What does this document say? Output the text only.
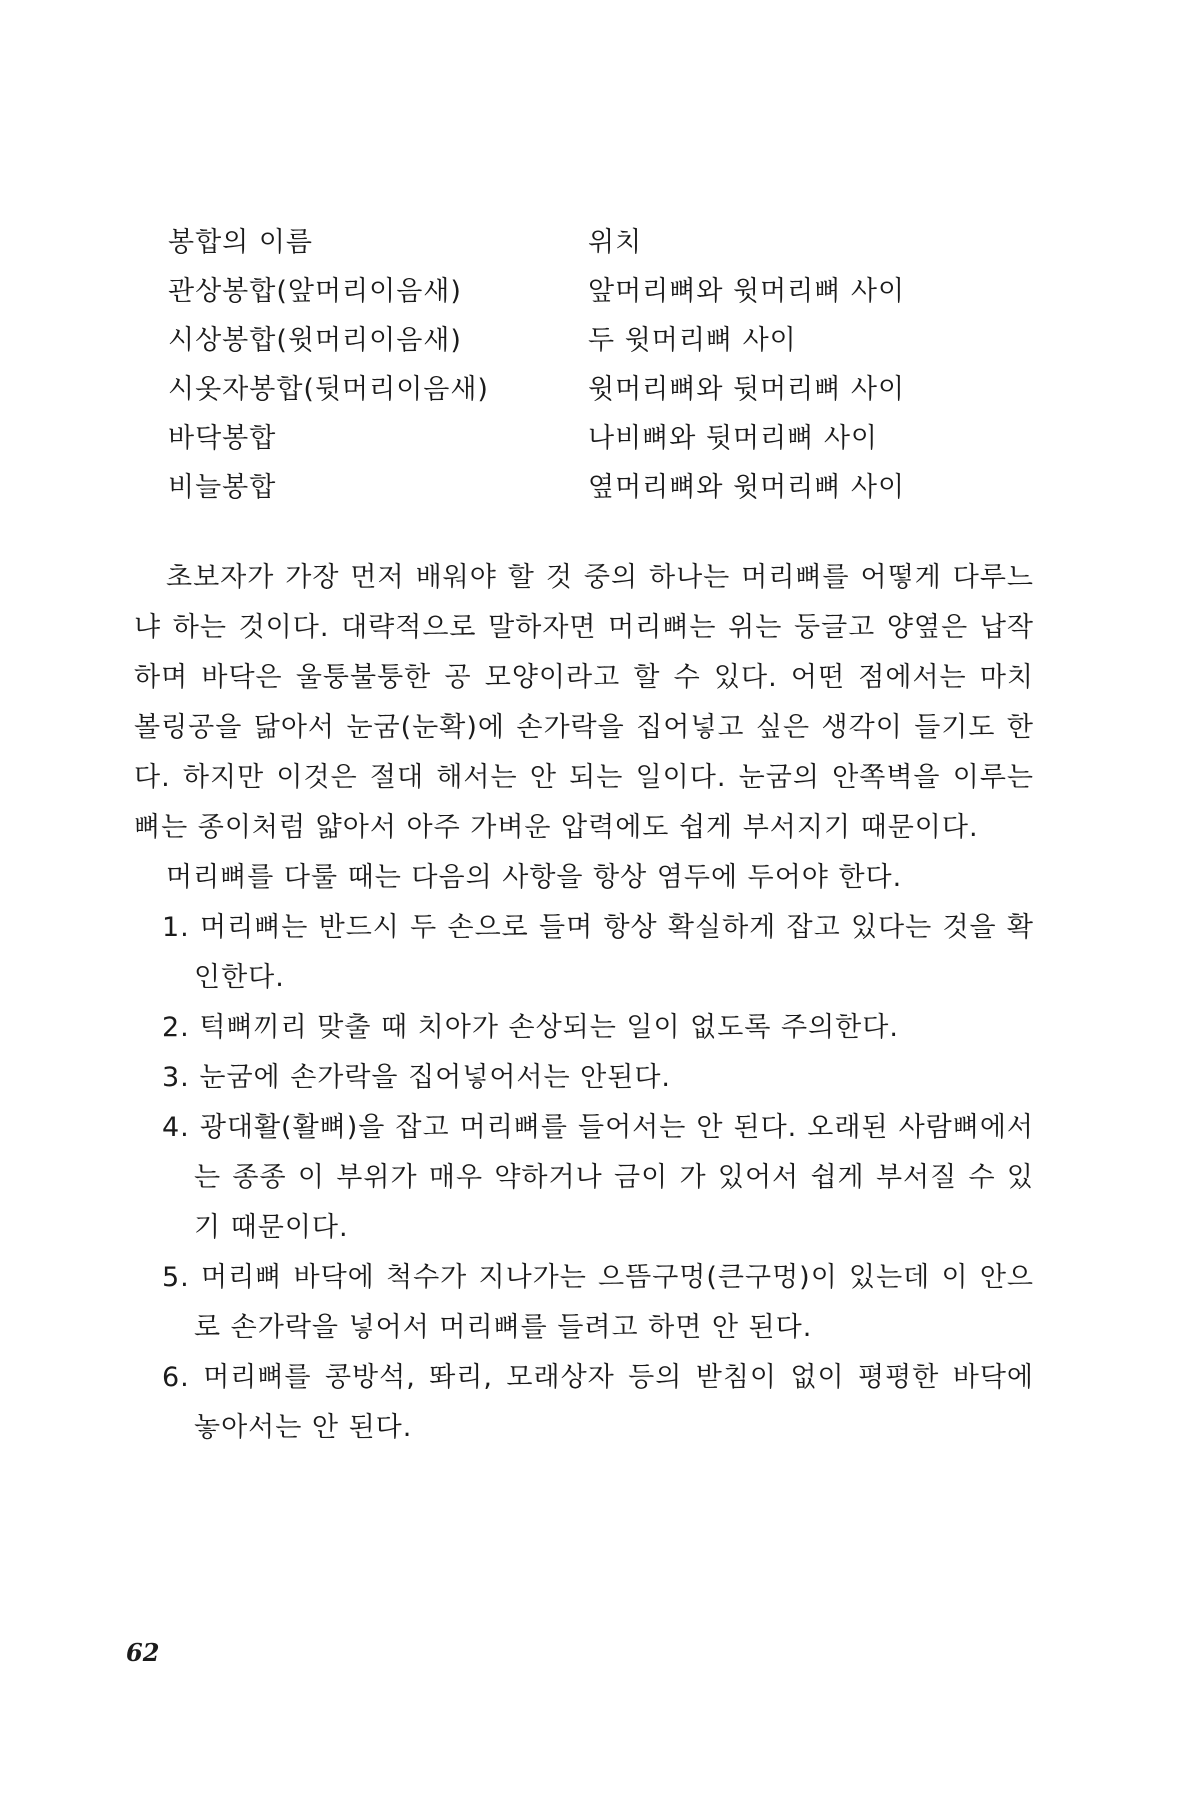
봉합의 이름	위치
관상봉합(앞머리이음새)	앞머리뼈와 윗머리뼈 사이
시상봉합(윗머리이음새)	두 윗머리뼈 사이
시옷자봉합(뒷머리이음새)	윗머리뼈와 뒷머리뼈 사이
바닥봉합	나비뼈와 뒷머리뼈 사이
비늘봉합	옆머리뼈와 윗머리뼈 사이

초보자가 가장 먼저 배워야 할 것 중의 하나는 머리뼈를 어떻게 다루느냐 하는 것이다. 대략적으로 말하자면 머리뼈는 위는 둥글고 양옆은 납작하며 바닥은 울퉁불퉁한 공 모양이라고 할 수 있다. 어떤 점에서는 마치 볼링공을 닮아서 눈굼(눈확)에 손가락을 집어넣고 싶은 생각이 들기도 한다. 하지만 이것은 절대 해서는 안 되는 일이다. 눈굼의 안쪽벽을 이루는 뼈는 종이처럼 얇아서 아주 가벼운 압력에도 쉽게 부서지기 때문이다.

머리뼈를 다룰 때는 다음의 사항을 항상 염두에 두어야 한다.

1. 머리뼈는 반드시 두 손으로 들며 항상 확실하게 잡고 있다는 것을 확인한다.
2. 턱뼈끼리 맞출 때 치아가 손상되는 일이 없도록 주의한다.
3. 눈굼에 손가락을 집어넣어서는 안된다.
4. 광대활(활뼈)을 잡고 머리뼈를 들어서는 안 된다. 오래된 사람뼈에서는 종종 이 부위가 매우 약하거나 금이 가 있어서 쉽게 부서질 수 있기 때문이다.
5. 머리뼈 바닥에 척수가 지나가는 으뜸구멍(큰구멍)이 있는데 이 안으로 손가락을 넣어서 머리뼈를 들려고 하면 안 된다.
6. 머리뼈를 콩방석, 똬리, 모래상자 등의 받침이 없이 평평한 바닥에 놓아서는 안 된다.
62
